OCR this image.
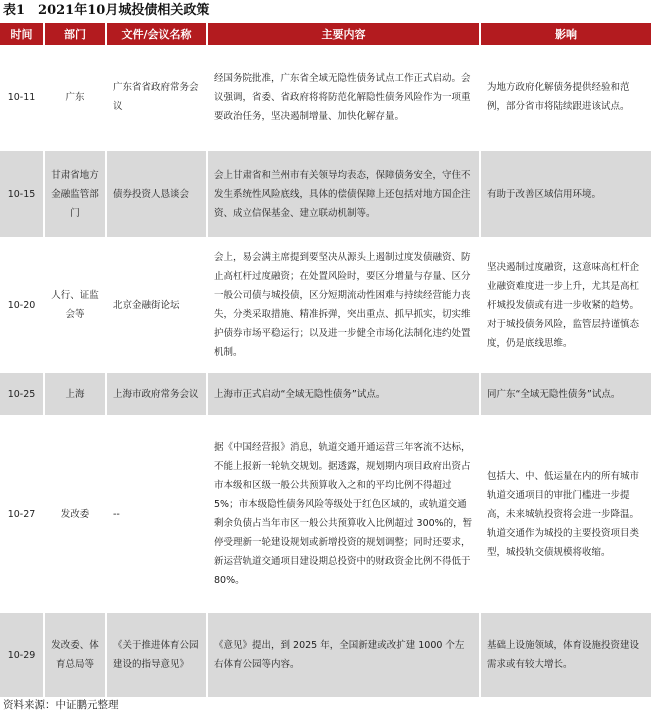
表1　2021年10月城投债相关政策
时间	部门	文件/会议名称	主要内容	影响
10-11	广东	广东省省政府常务会议	经国务院批准，广东省全域无隐性债务试点工作正式启动。会议强调，省委、省政府将将防范化解隐性债务风险作为一项重要政治任务，坚决遏制增量、加快化解存量。	为地方政府化解债务提供经验和范例，部分省市将陆续跟进该试点。
10-15	甘肃省地方金融监管部门	债券投资人恳谈会	会上甘肃省和兰州市有关领导均表态，保障债务安全，守住不发生系统性风险底线，具体的偿债保障上还包括对地方国企注资、成立信保基金、建立联动机制等。	有助于改善区域信用环境。
10-20	人行、证监会等	北京金融街论坛	会上，易会满主席提到要坚决从源头上遏制过度发债融资、防止高杠杆过度融资；在处置风险时，要区分增量与存量、区分一般公司债与城投债，区分短期流动性困难与持续经营能力丧失，分类采取措施、精准拆弹，突出重点、抓早抓实，切实维护债券市场平稳运行；以及进一步健全市场化法制化违约处置机制。	坚决遏制过度融资，这意味高杠杆企业融资难度进一步上升，尤其是高杠杆城投发债或有进一步收紧的趋势。对于城投债务风险，监管层持谨慎态度，仍是底线思维。
10-25	上海	上海市政府常务会议	上海市正式启动“全域无隐性债务”试点。	同广东“全域无隐性债务”试点。
10-27	发改委	--	据《中国经营报》消息，轨道交通开通运营三年客流不达标，不能上报新一轮轨交规划。据透露，规划期内项目政府出资占市本级和区级一般公共预算收入之和的平均比例不得超过 5%；市本级隐性债务风险等级处于红色区域的，或轨道交通剩余负债占当年市区一般公共预算收入比例超过 300%的，暂停受理新一轮建设规划或新增投资的规划调整；同时还要求，新运营轨道交通项目建设期总投资中的财政资金比例不得低于 80%。	包括大、中、低运量在内的所有城市轨道交通项目的审批门槛进一步提高，未来城轨投资将会进一步降温。轨道交通作为城投的主要投资项目类型，城投轨交债规模将收缩。
10-29	发改委、体育总局等	《关于推进体育公园建设的指导意见》	《意见》提出，到 2025 年，全国新建或改扩建 1000 个左右体育公园等内容。	基础上设施领域，体育设施投资建设需求或有较大增长。
资料来源：中证鹏元整理
